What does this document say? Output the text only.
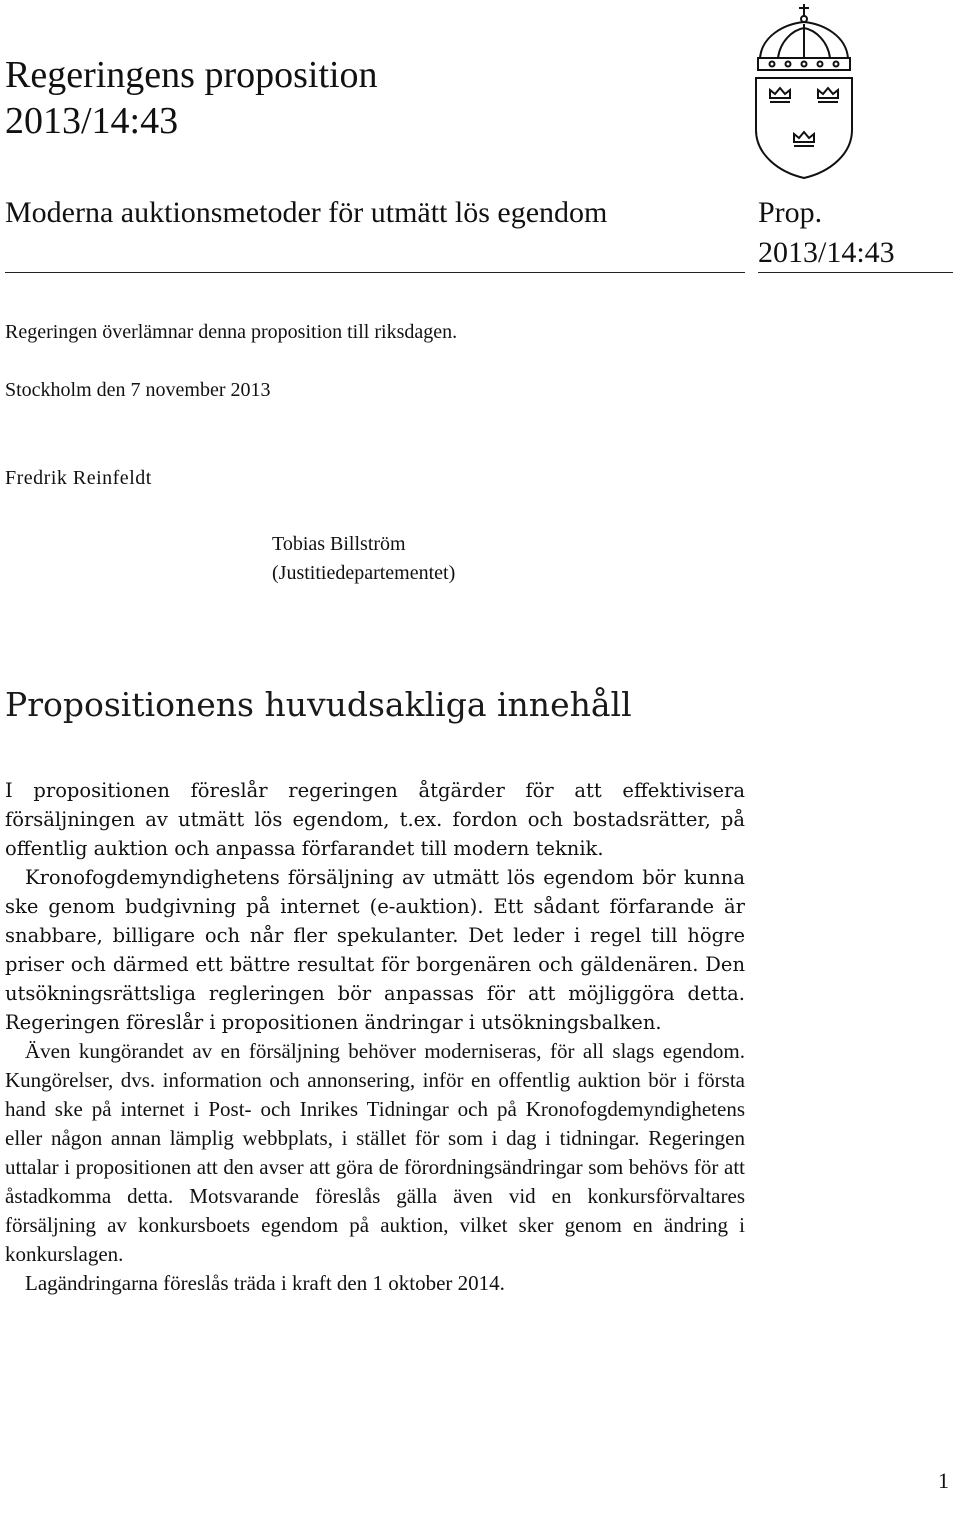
Regeringens proposition
2013/14:43
Moderna auktionsmetoder för utmätt lös egendom	Prop.
2013/14:43

Regeringen överlämnar denna proposition till riksdagen.

Stockholm den 7 november 2013

Fredrik Reinfeldt

Tobias Billström

(Justitiedepartementet)

Propositionens huvudsakliga innehåll

I propositionen föreslår regeringen åtgärder för att effektivisera försäljningen av utmätt lös egendom, t.ex. fordon och bostadsrätter, på offentlig auktion och anpassa förfarandet till modern teknik.

Kronofogdemyndighetens försäljning av utmätt lös egendom bör kunna ske genom budgivning på internet (e-auktion). Ett sådant förfarande är snabbare, billigare och når fler spekulanter. Det leder i regel till högre priser och därmed ett bättre resultat för borgenären och gäldenären. Den utsökningsrättsliga regleringen bör anpassas för att möjliggöra detta. Regeringen föreslår i propositionen ändringar i utsökningsbalken.

Även kungörandet av en försäljning behöver moderniseras, för all slags egendom. Kungörelser, dvs. information och annonsering, inför en offentlig auktion bör i första hand ske på internet i Post- och Inrikes Tidningar och på Kronofogdemyndighetens eller någon annan lämplig webbplats, i stället för som i dag i tidningar. Regeringen uttalar i propositionen att den avser att göra de förordningsändringar som behövs för att åstadkomma detta. Motsvarande föreslås gälla även vid en konkursförvaltares försäljning av konkursboets egendom på auktion, vilket sker genom en ändring i konkurslagen.

Lagändringarna föreslås träda i kraft den 1 oktober 2014.

1
